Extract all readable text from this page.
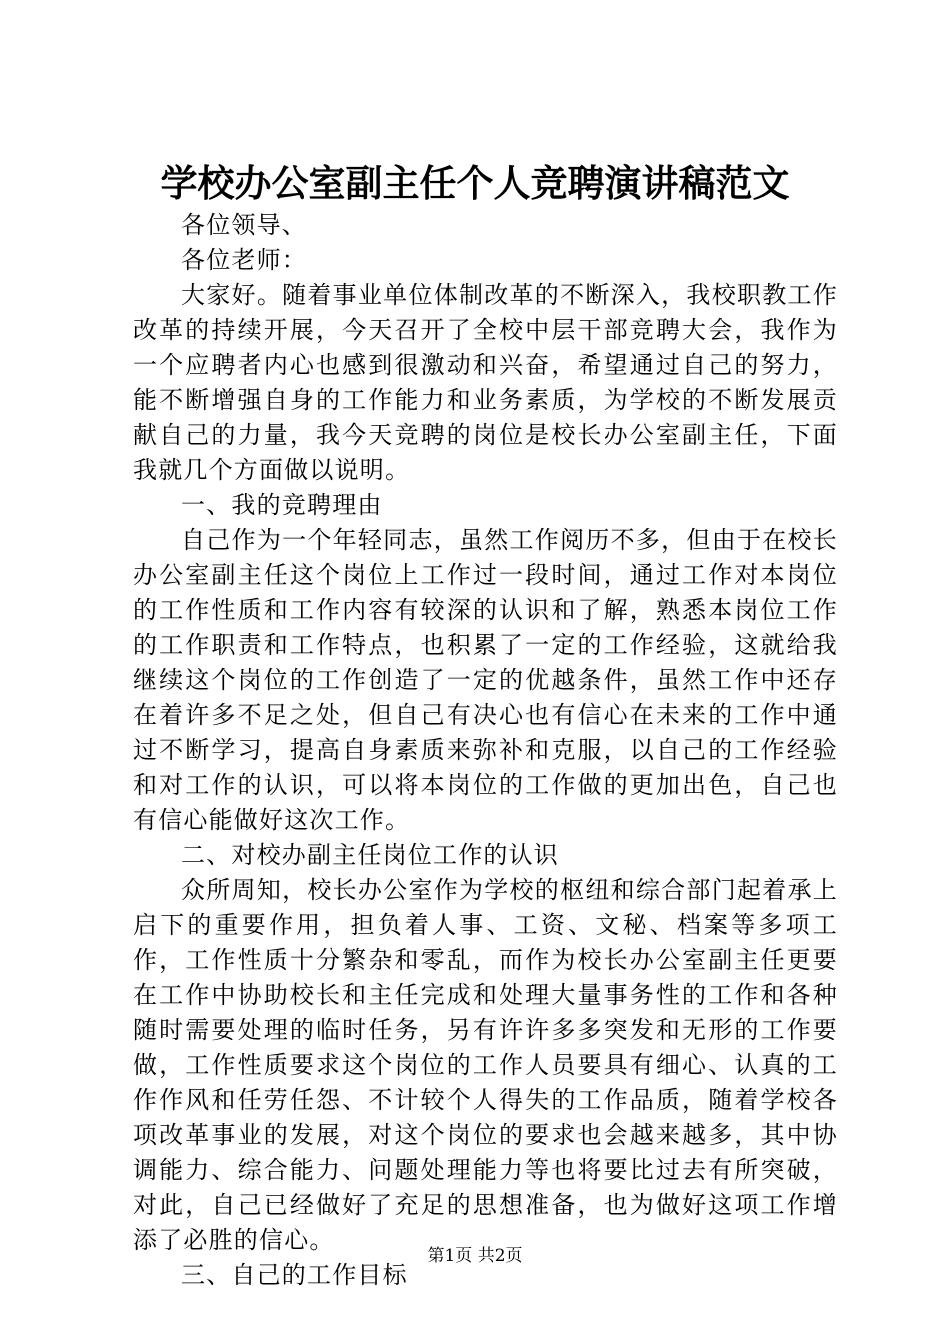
学校办公室副主任个人竞聘演讲稿范文

各位领导、

各位老师：

大家好。随着事业单位体制改革的不断深入，我校职教工作改革的持续开展，今天召开了全校中层干部竞聘大会，我作为一个应聘者内心也感到很激动和兴奋，希望通过自己的努力，能不断增强自身的工作能力和业务素质，为学校的不断发展贡献自己的力量，我今天竞聘的岗位是校长办公室副主任，下面我就几个方面做以说明。

一、我的竞聘理由

自己作为一个年轻同志，虽然工作阅历不多，但由于在校长办公室副主任这个岗位上工作过一段时间，通过工作对本岗位的工作性质和工作内容有较深的认识和了解，熟悉本岗位工作的工作职责和工作特点，也积累了一定的工作经验，这就给我继续这个岗位的工作创造了一定的优越条件，虽然工作中还存在着许多不足之处，但自己有决心也有信心在未来的工作中通过不断学习，提高自身素质来弥补和克服，以自己的工作经验和对工作的认识，可以将本岗位的工作做的更加出色，自己也有信心能做好这次工作。

二、对校办副主任岗位工作的认识

众所周知，校长办公室作为学校的枢纽和综合部门起着承上启下的重要作用，担负着人事、工资、文秘、档案等多项工作，工作性质十分繁杂和零乱，而作为校长办公室副主任更要在工作中协助校长和主任完成和处理大量事务性的工作和各种随时需要处理的临时任务，另有许许多多突发和无形的工作要做，工作性质要求这个岗位的工作人员要具有细心、认真的工作作风和任劳任怨、不计较个人得失的工作品质，随着学校各项改革事业的发展，对这个岗位的要求也会越来越多，其中协调能力、综合能力、问题处理能力等也将要比过去有所突破，对此，自己已经做好了充足的思想准备，也为做好这项工作增添了必胜的信心。

三、自己的工作目标

第1页 共2页
